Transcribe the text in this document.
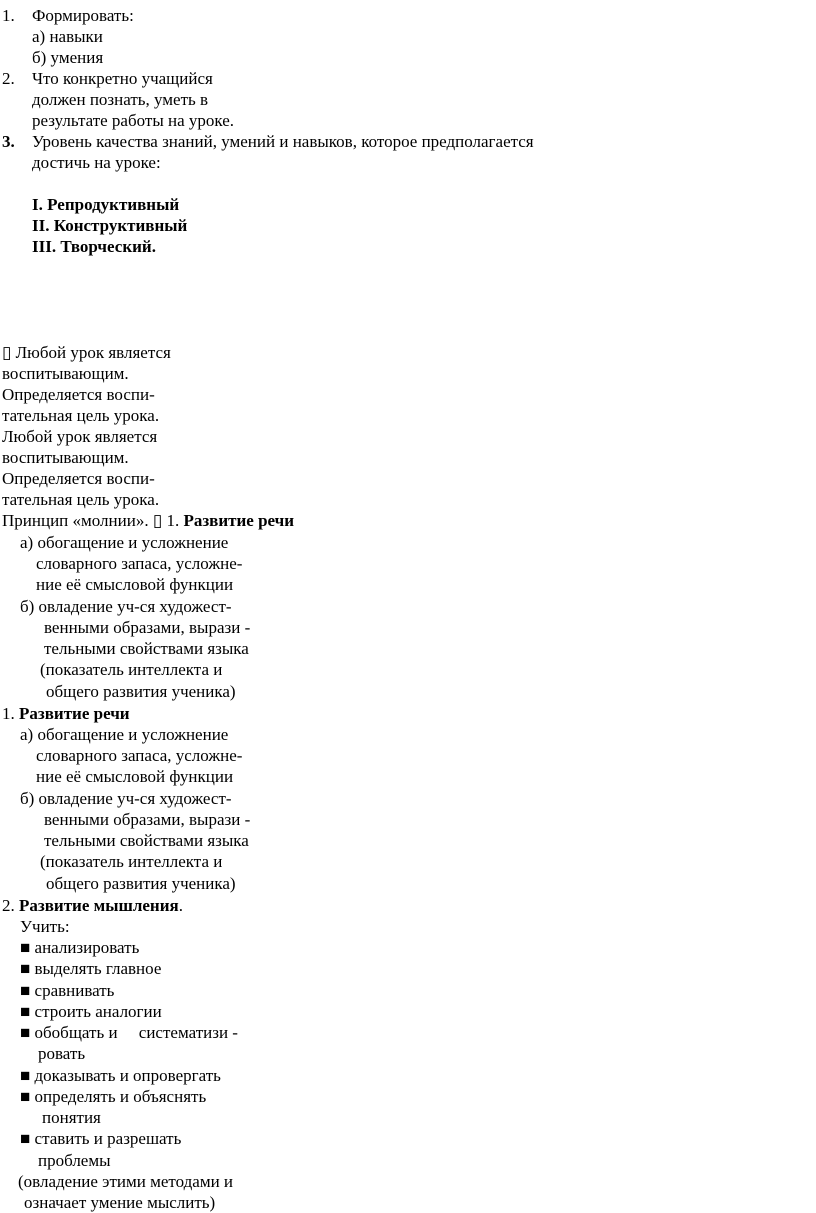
1. Формировать:
а) навыки
б) умения
2. Что конкретно учащийся
должен познать, уметь в
результате работы на уроке.
3. Уровень качества знаний, умений и навыков, которое предполагается
достичь на уроке:
I. Репродуктивный
II. Конструктивный
III. Творческий.
▯ Любой урок является
воспитывающим.
Определяется воспи-
тательная цель урока.
Любой урок является
воспитывающим.
Определяется воспи-
тательная цель урока.
Принцип «молнии». ▯ 1. Развитие речи
а) обогащение и усложнение
словарного запаса, усложне-
ние её смысловой функции
б) овладение уч-ся художест-
венными образами, вырази -
тельными свойствами языка
(показатель интеллекта и
общего развития ученика)
1. Развитие речи
а) обогащение и усложнение
словарного запаса, усложне-
ние её смысловой функции
б) овладение уч-ся художест-
венными образами, вырази -
тельными свойствами языка
(показатель интеллекта и
общего развития ученика)
2. Развитие мышления.
Учить:
■ анализировать
■ выделять главное
■ сравнивать
■ строить аналогии
■ обобщать и     систематизи -
ровать
■ доказывать и опровергать
■ определять и объяснять
понятия
■ ставить и разрешать
проблемы
(овладение этими методами и
означает умение мыслить)
